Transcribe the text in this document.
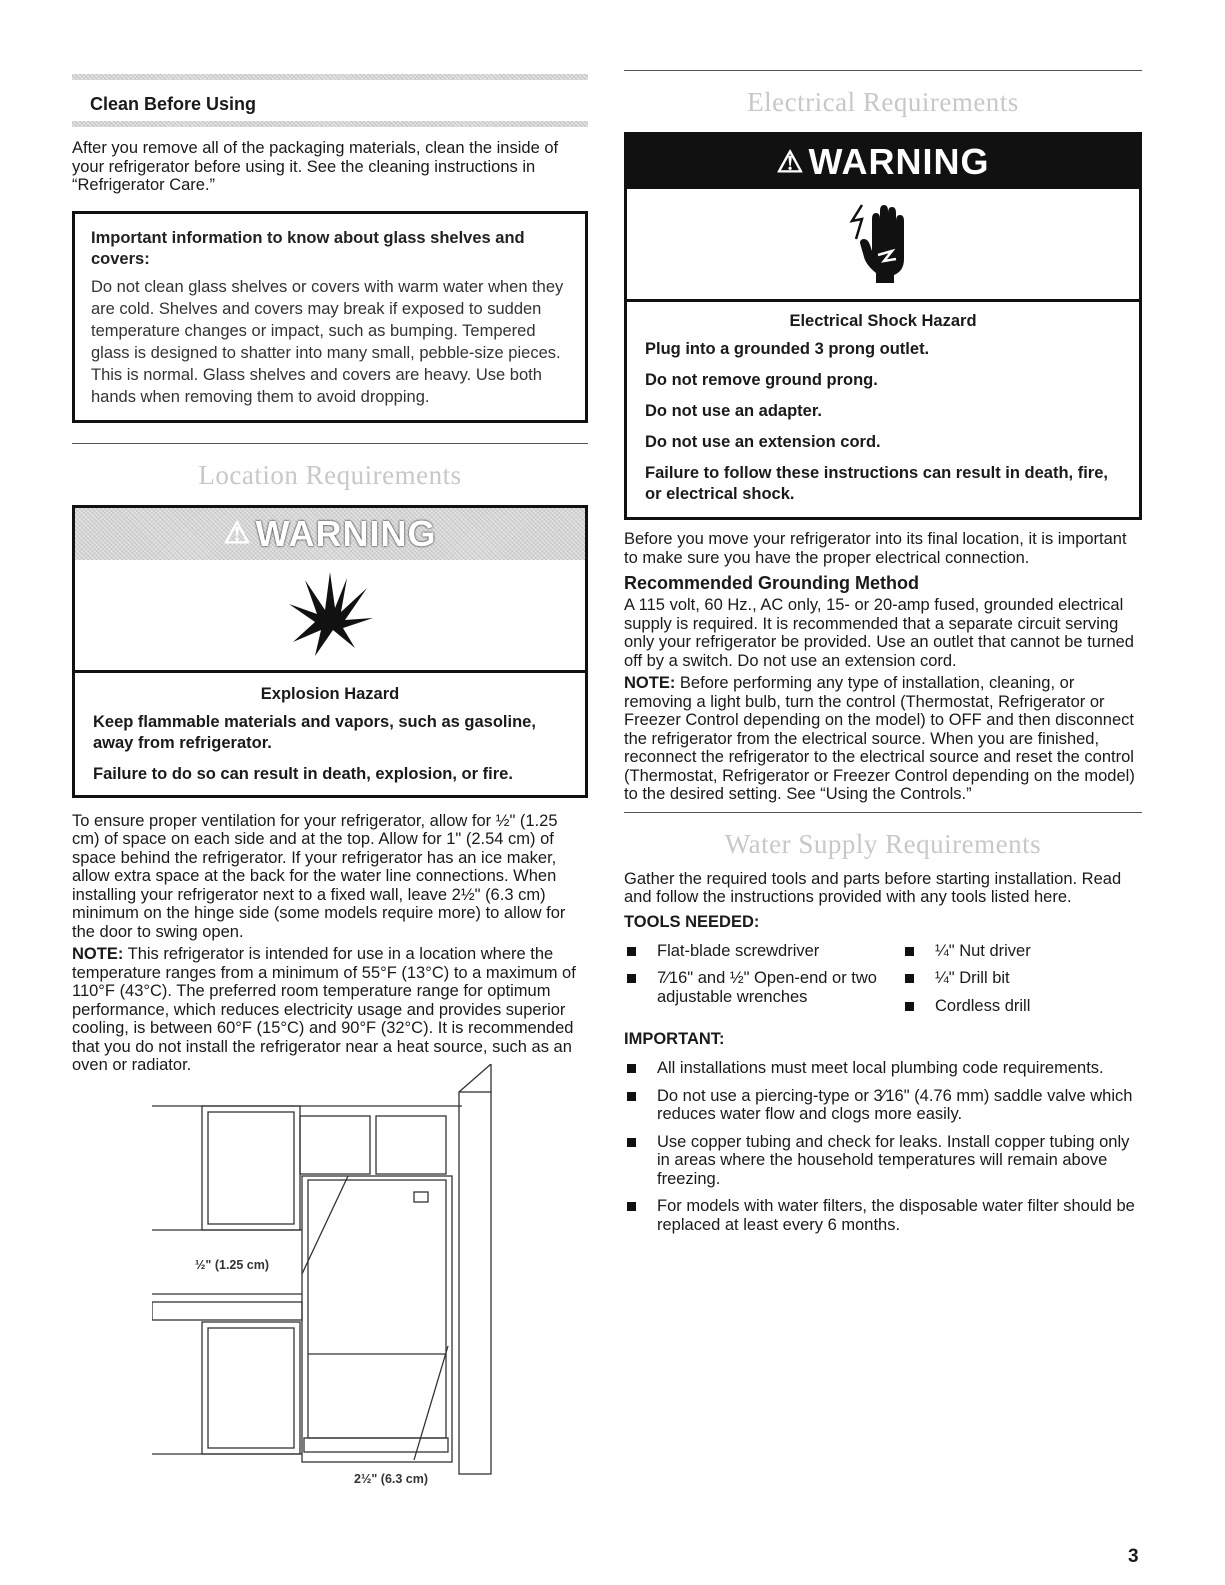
Clean Before Using

After you remove all of the packaging materials, clean the inside of your refrigerator before using it. See the cleaning instructions in “Refrigerator Care.”

Important information to know about glass shelves and covers:

Do not clean glass shelves or covers with warm water when they are cold. Shelves and covers may break if exposed to sudden temperature changes or impact, such as bumping. Tempered glass is designed to shatter into many small, pebble-size pieces. This is normal. Glass shelves and covers are heavy. Use both hands when removing them to avoid dropping.

Location Requirements
⚠ WARNING
Explosion Hazard

Keep flammable materials and vapors, such as gasoline, away from refrigerator.

Failure to do so can result in death, explosion, or fire.

To ensure proper ventilation for your refrigerator, allow for ½" (1.25 cm) of space on each side and at the top. Allow for 1" (2.54 cm) of space behind the refrigerator. If your refrigerator has an ice maker, allow extra space at the back for the water line connections. When installing your refrigerator next to a fixed wall, leave 2½" (6.3 cm) minimum on the hinge side (some models require more) to allow for the door to swing open.

NOTE: This refrigerator is intended for use in a location where the temperature ranges from a minimum of 55°F (13°C) to a maximum of 110°F (43°C). The preferred room temperature range for optimum performance, which reduces electricity usage and provides superior cooling, is between 60°F (15°C) and 90°F (32°C). It is recommended that you do not install the refrigerator near a heat source, such as an oven or radiator.

½" (1.25 cm)
2½" (6.3 cm)
Electrical Requirements
⚠ WARNING
Electrical Shock Hazard

Plug into a grounded 3 prong outlet.

Do not remove ground prong.

Do not use an adapter.

Do not use an extension cord.

Failure to follow these instructions can result in death, fire, or electrical shock.

Before you move your refrigerator into its final location, it is important to make sure you have the proper electrical connection.

Recommended Grounding Method

A 115 volt, 60 Hz., AC only, 15- or 20-amp fused, grounded electrical supply is required. It is recommended that a separate circuit serving only your refrigerator be provided. Use an outlet that cannot be turned off by a switch. Do not use an extension cord.

NOTE: Before performing any type of installation, cleaning, or removing a light bulb, turn the control (Thermostat, Refrigerator or Freezer Control depending on the model) to OFF and then disconnect the refrigerator from the electrical source. When you are finished, reconnect the refrigerator to the electrical source and reset the control (Thermostat, Refrigerator or Freezer Control depending on the model) to the desired setting. See “Using the Controls.”

Water Supply Requirements

Gather the required tools and parts before starting installation. Read and follow the instructions provided with any tools listed here.

TOOLS NEEDED:
Flat-blade screwdriver
7⁄16" and ½" Open-end or two adjustable wrenches
¼" Nut driver
¼" Drill bit
Cordless drill
IMPORTANT:
All installations must meet local plumbing code requirements.
Do not use a piercing-type or 3⁄16" (4.76 mm) saddle valve which reduces water flow and clogs more easily.
Use copper tubing and check for leaks. Install copper tubing only in areas where the household temperatures will remain above freezing.
For models with water filters, the disposable water filter should be replaced at least every 6 months.
3
